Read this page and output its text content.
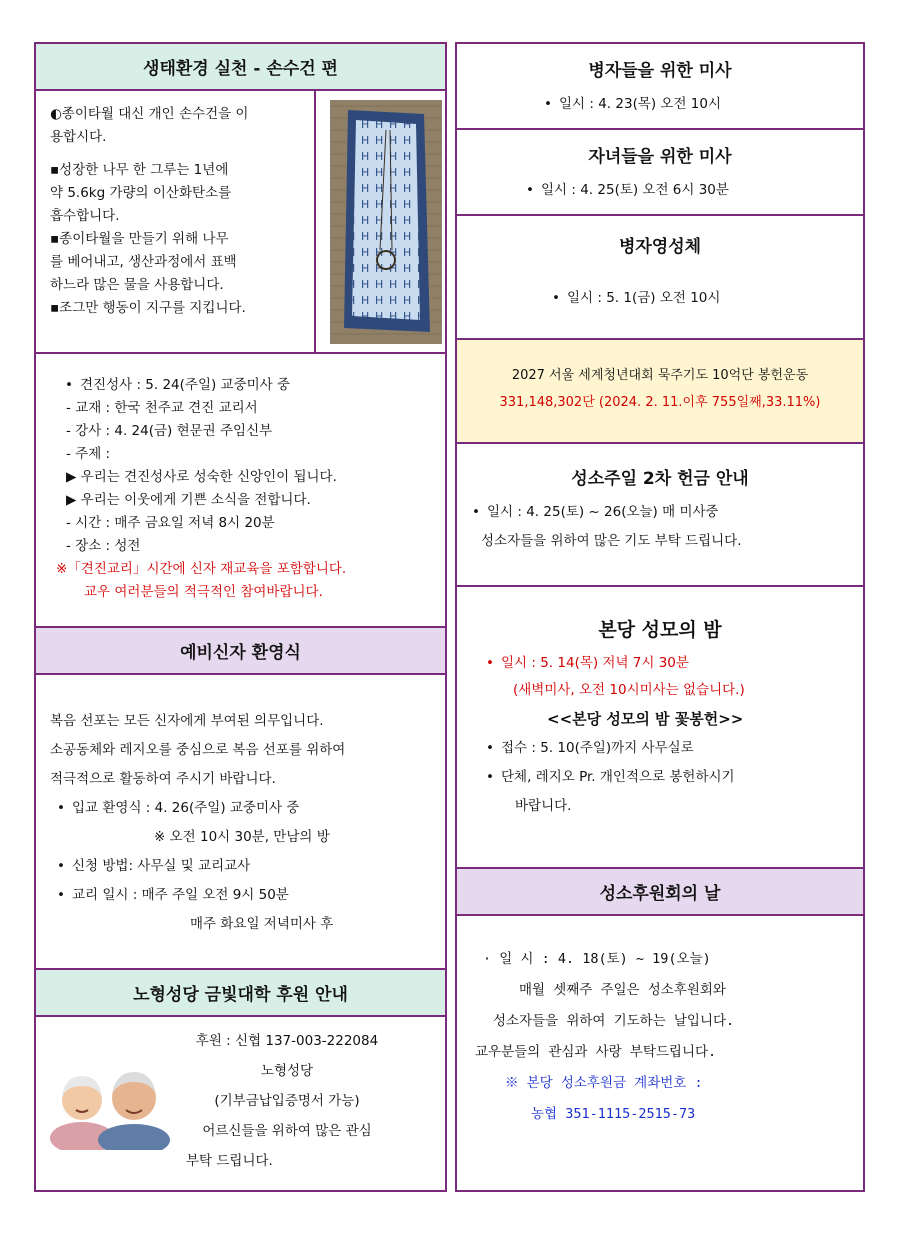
생태환경 실천 - 손수건 편
◐종이타월 대신 개인 손수건을 이
용합시다.
▪성장한 나무 한 그루는 1년에
약 5.6kg 가량의 이산화탄소를
흡수합니다.
▪종이타월을 만들기 위해 나무
를 베어내고, 생산과정에서 표백
하느라 많은 물을 사용합니다.
▪조그만 행동이 지구를 지킵니다.
• 견진성사 : 5. 24(주일) 교중미사 중
- 교재 : 한국 천주교 견진 교리서
- 강사 : 4. 24(금) 현문권 주임신부
- 주제 :
▶ 우리는 견진성사로 성숙한 신앙인이 됩니다.
▶ 우리는 이웃에게 기쁜 소식을 전합니다.
- 시간 : 매주 금요일 저녁 8시 20분
- 장소 : 성전
※「견진교리」시간에 신자 재교육을 포함합니다.
교우 여러분들의 적극적인 참여바랍니다.
예비신자 환영식
복음 선포는 모든 신자에게 부여된 의무입니다.
소공동체와 레지오를 중심으로 복음 선포를 위하여
적극적으로 활동하여 주시기 바랍니다.
• 입교 환영식 : 4. 26(주일) 교중미사 중
※ 오전 10시 30분, 만남의 방
• 신청 방법: 사무실 및 교리교사
• 교리 일시 : 매주 주일 오전 9시 50분
매주 화요일 저녁미사 후
노형성당 금빛대학 후원 안내
후원 : 신협 137-003-222084
노형성당
(기부금납입증명서 가능)
어르신들을 위하여 많은 관심
부탁 드립니다.
병자들을 위한 미사
• 일시 : 4. 23(목) 오전 10시
자녀들을 위한 미사
• 일시 : 4. 25(토) 오전 6시 30분
병자영성체
• 일시 : 5. 1(금) 오전 10시
2027 서울 세계청년대회 묵주기도 10억단 봉헌운동
331,148,302단 (2024. 2. 11.이후 755일째,33.11%)
성소주일 2차 헌금 안내
• 일시 : 4. 25(토) ~ 26(오늘) 매 미사중
성소자들을 위하여 많은 기도 부탁 드립니다.
본당 성모의 밤
• 일시 : 5. 14(목) 저녁 7시 30분
(새벽미사, 오전 10시미사는 없습니다.)
<<본당 성모의 밤 꽃봉헌>>
• 접수 : 5. 10(주일)까지 사무실로
• 단체, 레지오 Pr. 개인적으로 봉헌하시기
바랍니다.
성소후원회의 날
· 일 시 : 4. 18(토) ~ 19(오늘)
매월 셋째주 주일은 성소후원회와
성소자들을 위하여 기도하는 날입니다.
교우분들의 관심과 사랑 부탁드립니다.
※ 본당 성소후원금 계좌번호 :
농협 351-1115-2515-73
